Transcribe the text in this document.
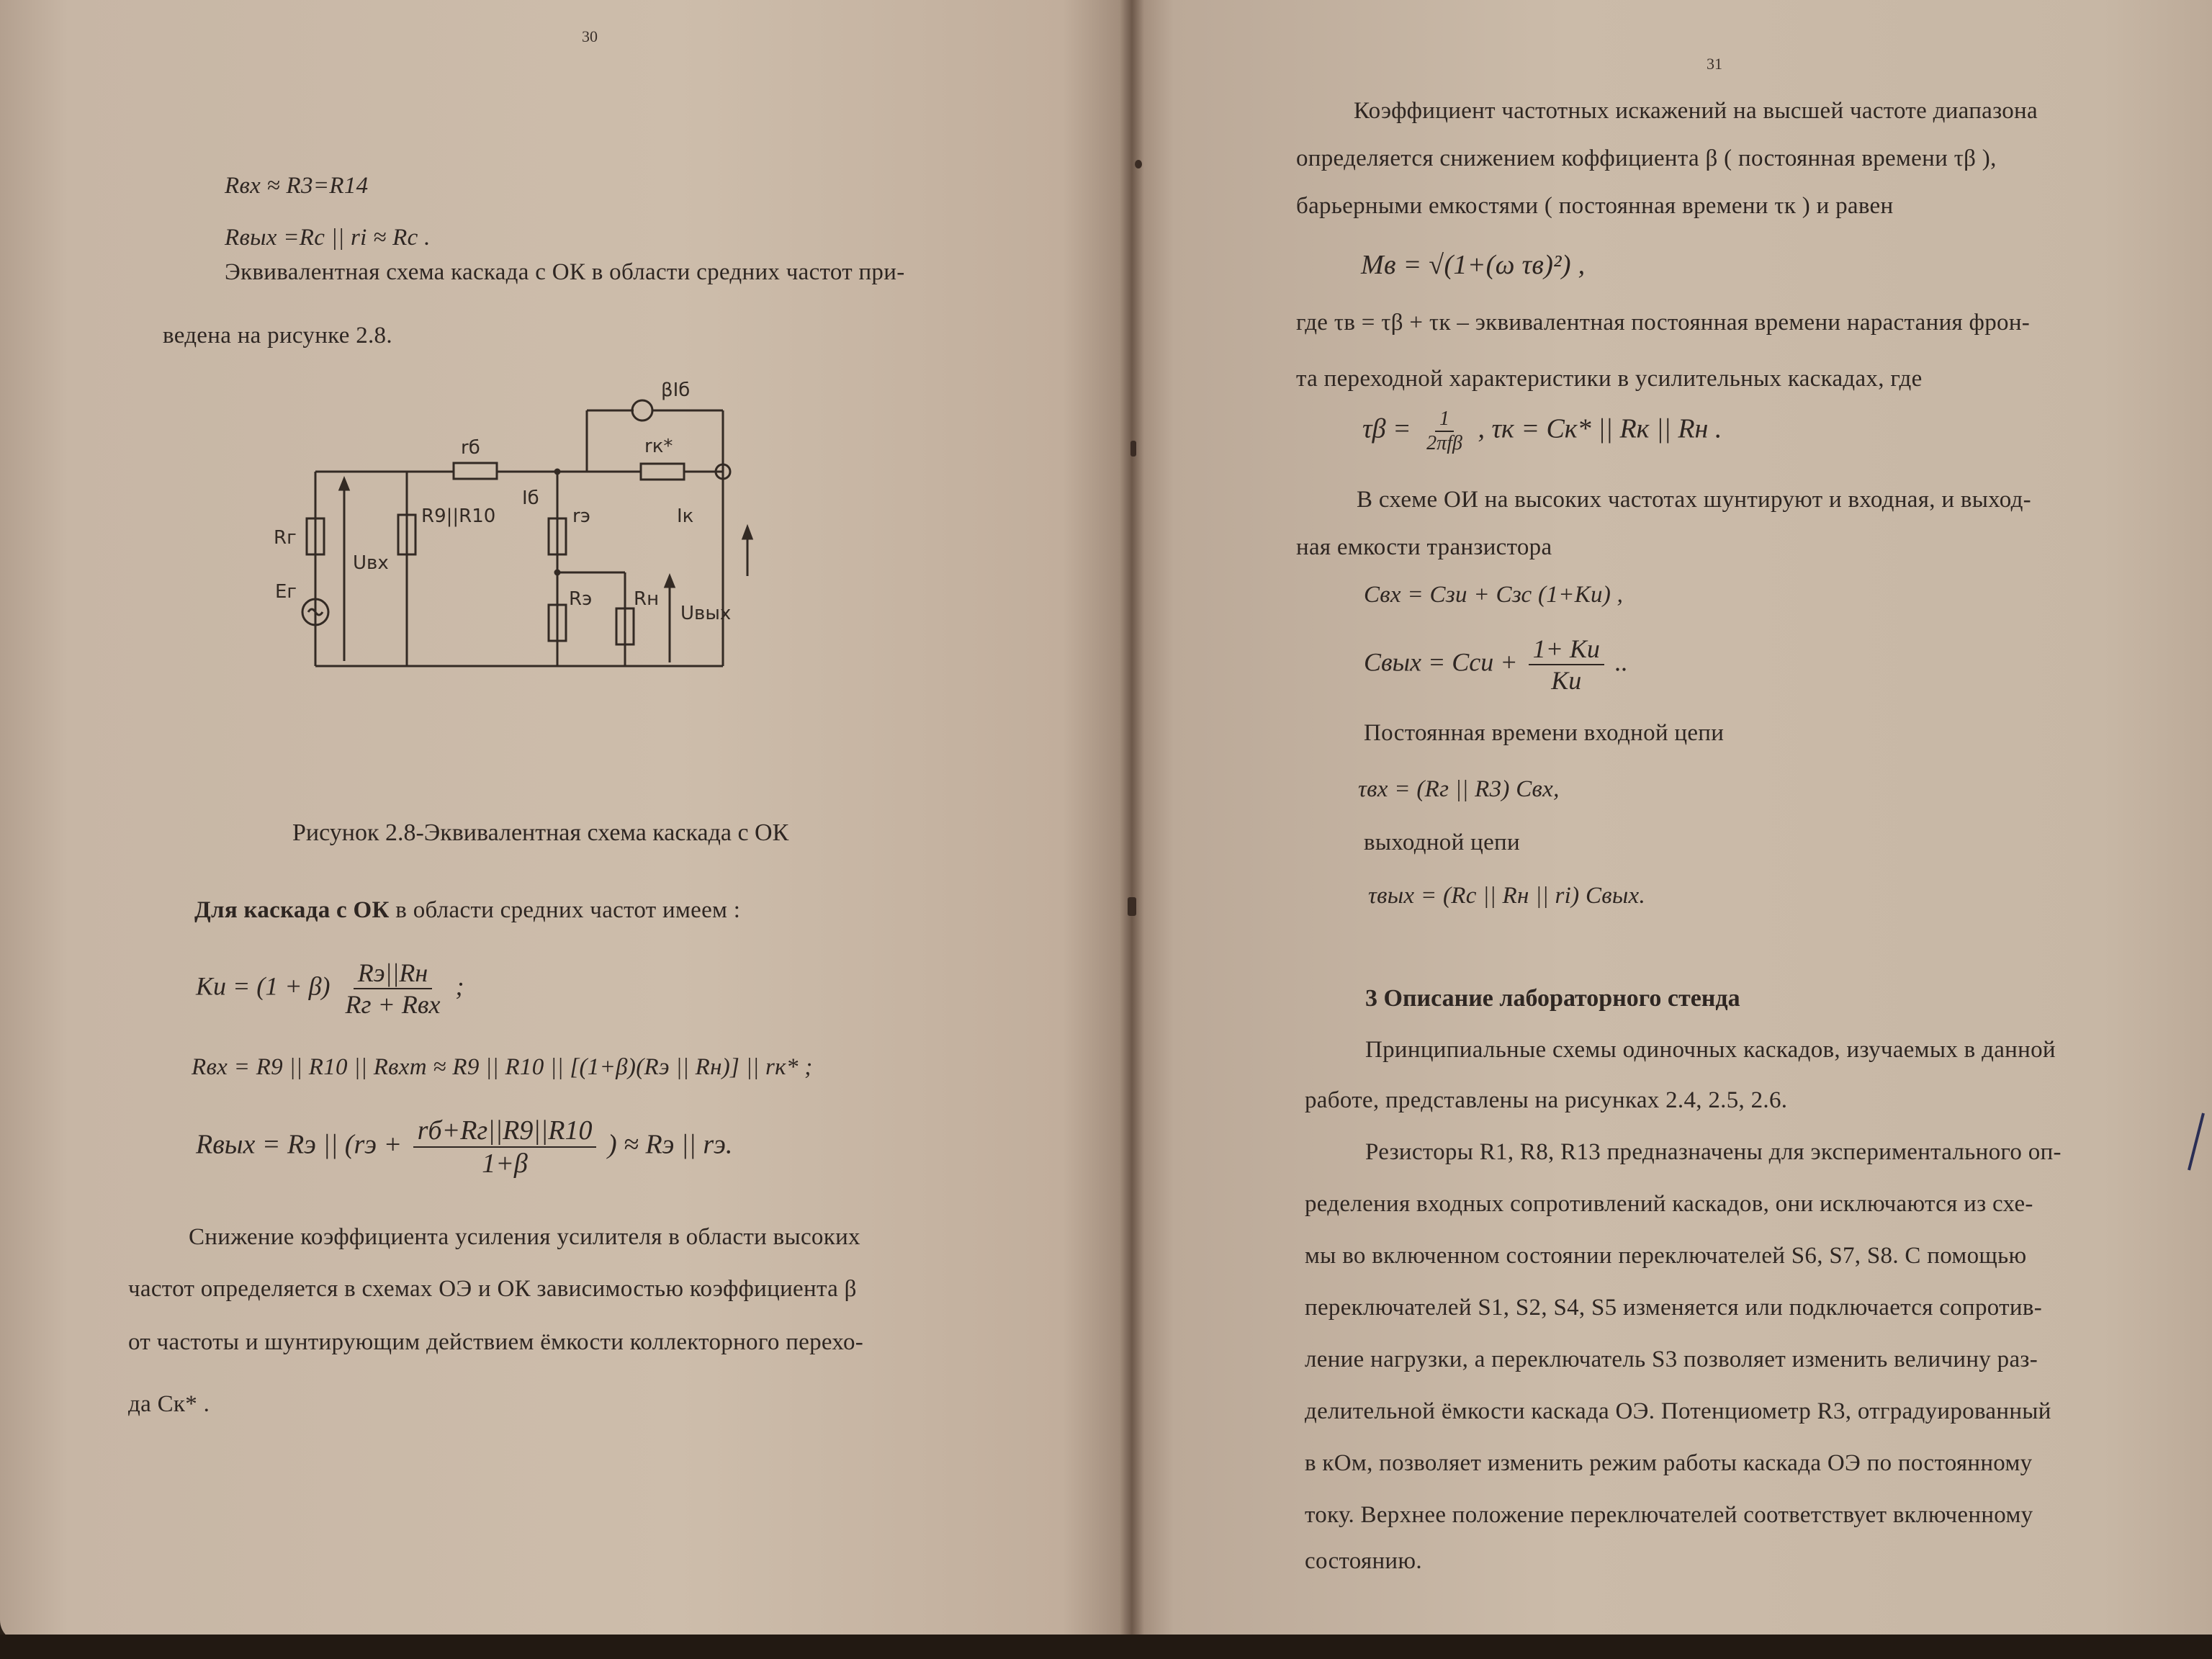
30
Rвх ≈ R3=R14
Rвых =Rс || ri ≈ Rс .
Эквивалентная схема каскада с ОК в области средних частот при-
ведена на рисунке 2.8.
βIб
rб	rк*
Iб
R9||R10	rэ	Iк
Rг
Eг
Uвх
Rэ Rн
Uвых
Рисунок 2.8-Эквивалентная схема каскада с ОК
Для каскада с ОК в области средних частот имеем :
Kи = $(1 + \beta) \frac{Rэ||Rн}{\text{Rг + Rвх}}$ ;
Rвх = R9 || R10 || Rвхт ≈ R9 || R10 || [(1+β)(Rэ || Rн)] || rк* ;
Rвых = Rэ || ($rэ + \frac{rб+Rг||R9||R10}{1+\beta}$ ) ≈ Rэ || rэ.
Снижение коэффициента усиления усилителя в области высоких
частот определяется в схемах ОЭ и ОК зависимостью коэффициента β
от частоты и шунтирующим действием ёмкости коллекторного перехо-
да Cк* .
31
Коэффициент частотных искажений на высшей частоте диапазона
определяется снижением коффициента β ( постоянная времени τβ ),
барьерными емкостями ( постоянная времени τк ) и равен
Mв = √(1+(ω τв)²) ,
где τв = τβ + τк – эквивалентная постоянная времени нарастания фрон-
та переходной характеристики в усилительных каскадах, где
$\tau\beta = \frac{1}{\text{2πfβ}}$ , τк = Cк* || Rк || Rн .
В схеме ОИ на высоких частотах шунтируют и входная, и выход-
ная емкости транзистора
Cвх = Cзи + Cзс (1+Kи) ,
Cвых = Cси + $\frac{1+ Kи}{Kи}$ ..
Постоянная времени входной цепи
τвх = (Rг || R3) Cвх,
выходной цепи
τвых = (Rс || Rн || ri) Cвых.
3 Описание лабораторного стенда
Принципиальные схемы одиночных каскадов, изучаемых в данной
работе, представлены на рисунках 2.4, 2.5, 2.6.
Резисторы R1, R8, R13 предназначены для экспериментального оп-
ределения входных сопротивлений каскадов, они исключаются из схе-
мы во включенном состоянии переключателей S6, S7, S8. С помощью
переключателей S1, S2, S4, S5 изменяется или подключается сопротив-
ление нагрузки, а переключатель S3 позволяет изменить величину раз-
делительной ёмкости каскада ОЭ. Потенциометр R3, отградуированный
в кОм, позволяет изменить режим работы каскада ОЭ по постоянному
току. Верхнее положение переключателей соответствует включенному
состоянию.
